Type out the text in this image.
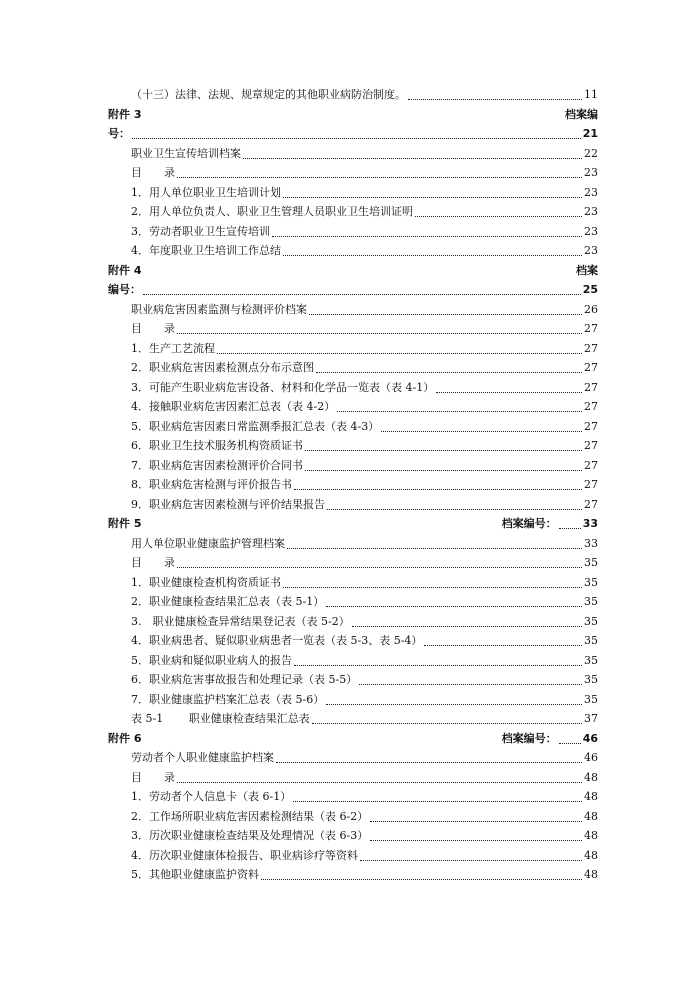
（十三）法律、法规、规章规定的其他职业病防治制度。	11
附件 3	档案编
号：	21
职业卫生宣传培训档案	22
目　　录	23
1．用人单位职业卫生培训计划	23
2．用人单位负责人、职业卫生管理人员职业卫生培训证明	23
3．劳动者职业卫生宣传培训	23
4．年度职业卫生培训工作总结	23
附件 4	档案
编号：	25
职业病危害因素监测与检测评价档案	26
目　　录	27
1．生产工艺流程	27
2．职业病危害因素检测点分布示意图	27
3．可能产生职业病危害设备、材料和化学品一览表（表 4-1）	27
4．接触职业病危害因素汇总表（表 4-2）	27
5．职业病危害因素日常监测季报汇总表（表 4-3）	27
6．职业卫生技术服务机构资质证书	27
7．职业病危害因素检测评价合同书	27
8．职业病危害检测与评价报告书	27
9．职业病危害因素检测与评价结果报告	27
附件 5	档案编号： 33
用人单位职业健康监护管理档案	33
目　　录	35
1．职业健康检查机构资质证书	35
2．职业健康检查结果汇总表（表 5-1）	35
3.　职业健康检查异常结果登记表（表 5-2）	35
4．职业病患者、疑似职业病患者一览表（表 5-3、表 5-4）	35
5．职业病和疑似职业病人的报告	35
6．职业病危害事故报告和处理记录（表 5-5）	35
7．职业健康监护档案汇总表（表 5-6）	35
表 5-1　　 职业健康检查结果汇总表	37
附件 6	档案编号： 46
劳动者个人职业健康监护档案	46
目　　录	48
1．劳动者个人信息卡（表 6-1）	48
2．工作场所职业病危害因素检测结果（表 6-2）	48
3．历次职业健康检查结果及处理情况（表 6-3）	48
4．历次职业健康体检报告、职业病诊疗等资料	48
5．其他职业健康监护资料	48
